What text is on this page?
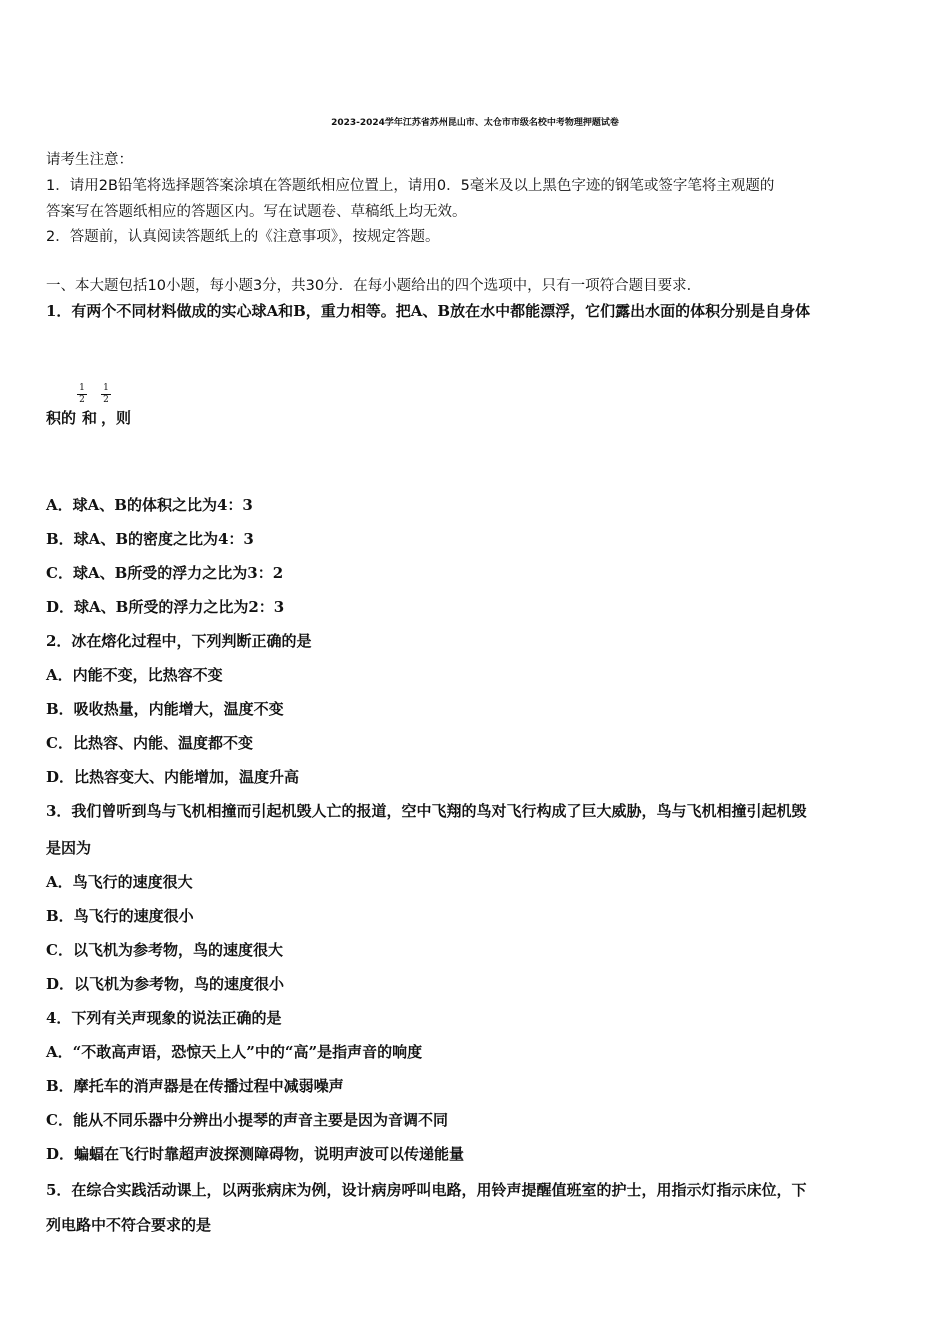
2023-2024学年江苏省苏州昆山市、太仓市市级名校中考物理押题试卷
请考生注意：
1．请用2B铅笔将选择题答案涂填在答题纸相应位置上，请用0．5毫米及以上黑色字迹的钢笔或签字笔将主观题的
答案写在答题纸相应的答题区内。写在试题卷、草稿纸上均无效。
2．答题前，认真阅读答题纸上的《注意事项》，按规定答题。
一、本大题包括10小题，每小题3分，共30分．在每小题给出的四个选项中，只有一项符合题目要求．
1．有两个不同材料做成的实心球A和B，重力相等。把A、B放在水中都能漂浮，它们露出水面的体积分别是自身体
积的 和 ，则
1
2
1
2
A．球A、B的体积之比为4：3
B．球A、B的密度之比为4：3
C．球A、B所受的浮力之比为3：2
D．球A、B所受的浮力之比为2：3
2．冰在熔化过程中，下列判断正确的是
A．内能不变，比热容不变
B．吸收热量，内能增大，温度不变
C．比热容、内能、温度都不变
D．比热容变大、内能增加，温度升高
3．我们曾听到鸟与飞机相撞而引起机毁人亡的报道，空中飞翔的鸟对飞行构成了巨大威胁，鸟与飞机相撞引起机毁
是因为
A．鸟飞行的速度很大
B．鸟飞行的速度很小
C．以飞机为参考物，鸟的速度很大
D．以飞机为参考物，鸟的速度很小
4．下列有关声现象的说法正确的是
A．“不敢高声语，恐惊天上人”中的“高”是指声音的响度
B．摩托车的消声器是在传播过程中减弱噪声
C．能从不同乐器中分辨出小提琴的声音主要是因为音调不同
D．蝙蝠在飞行时靠超声波探测障碍物，说明声波可以传递能量
5．在综合实践活动课上，以两张病床为例，设计病房呼叫电路，用铃声提醒值班室的护士，用指示灯指示床位，下
列电路中不符合要求的是
